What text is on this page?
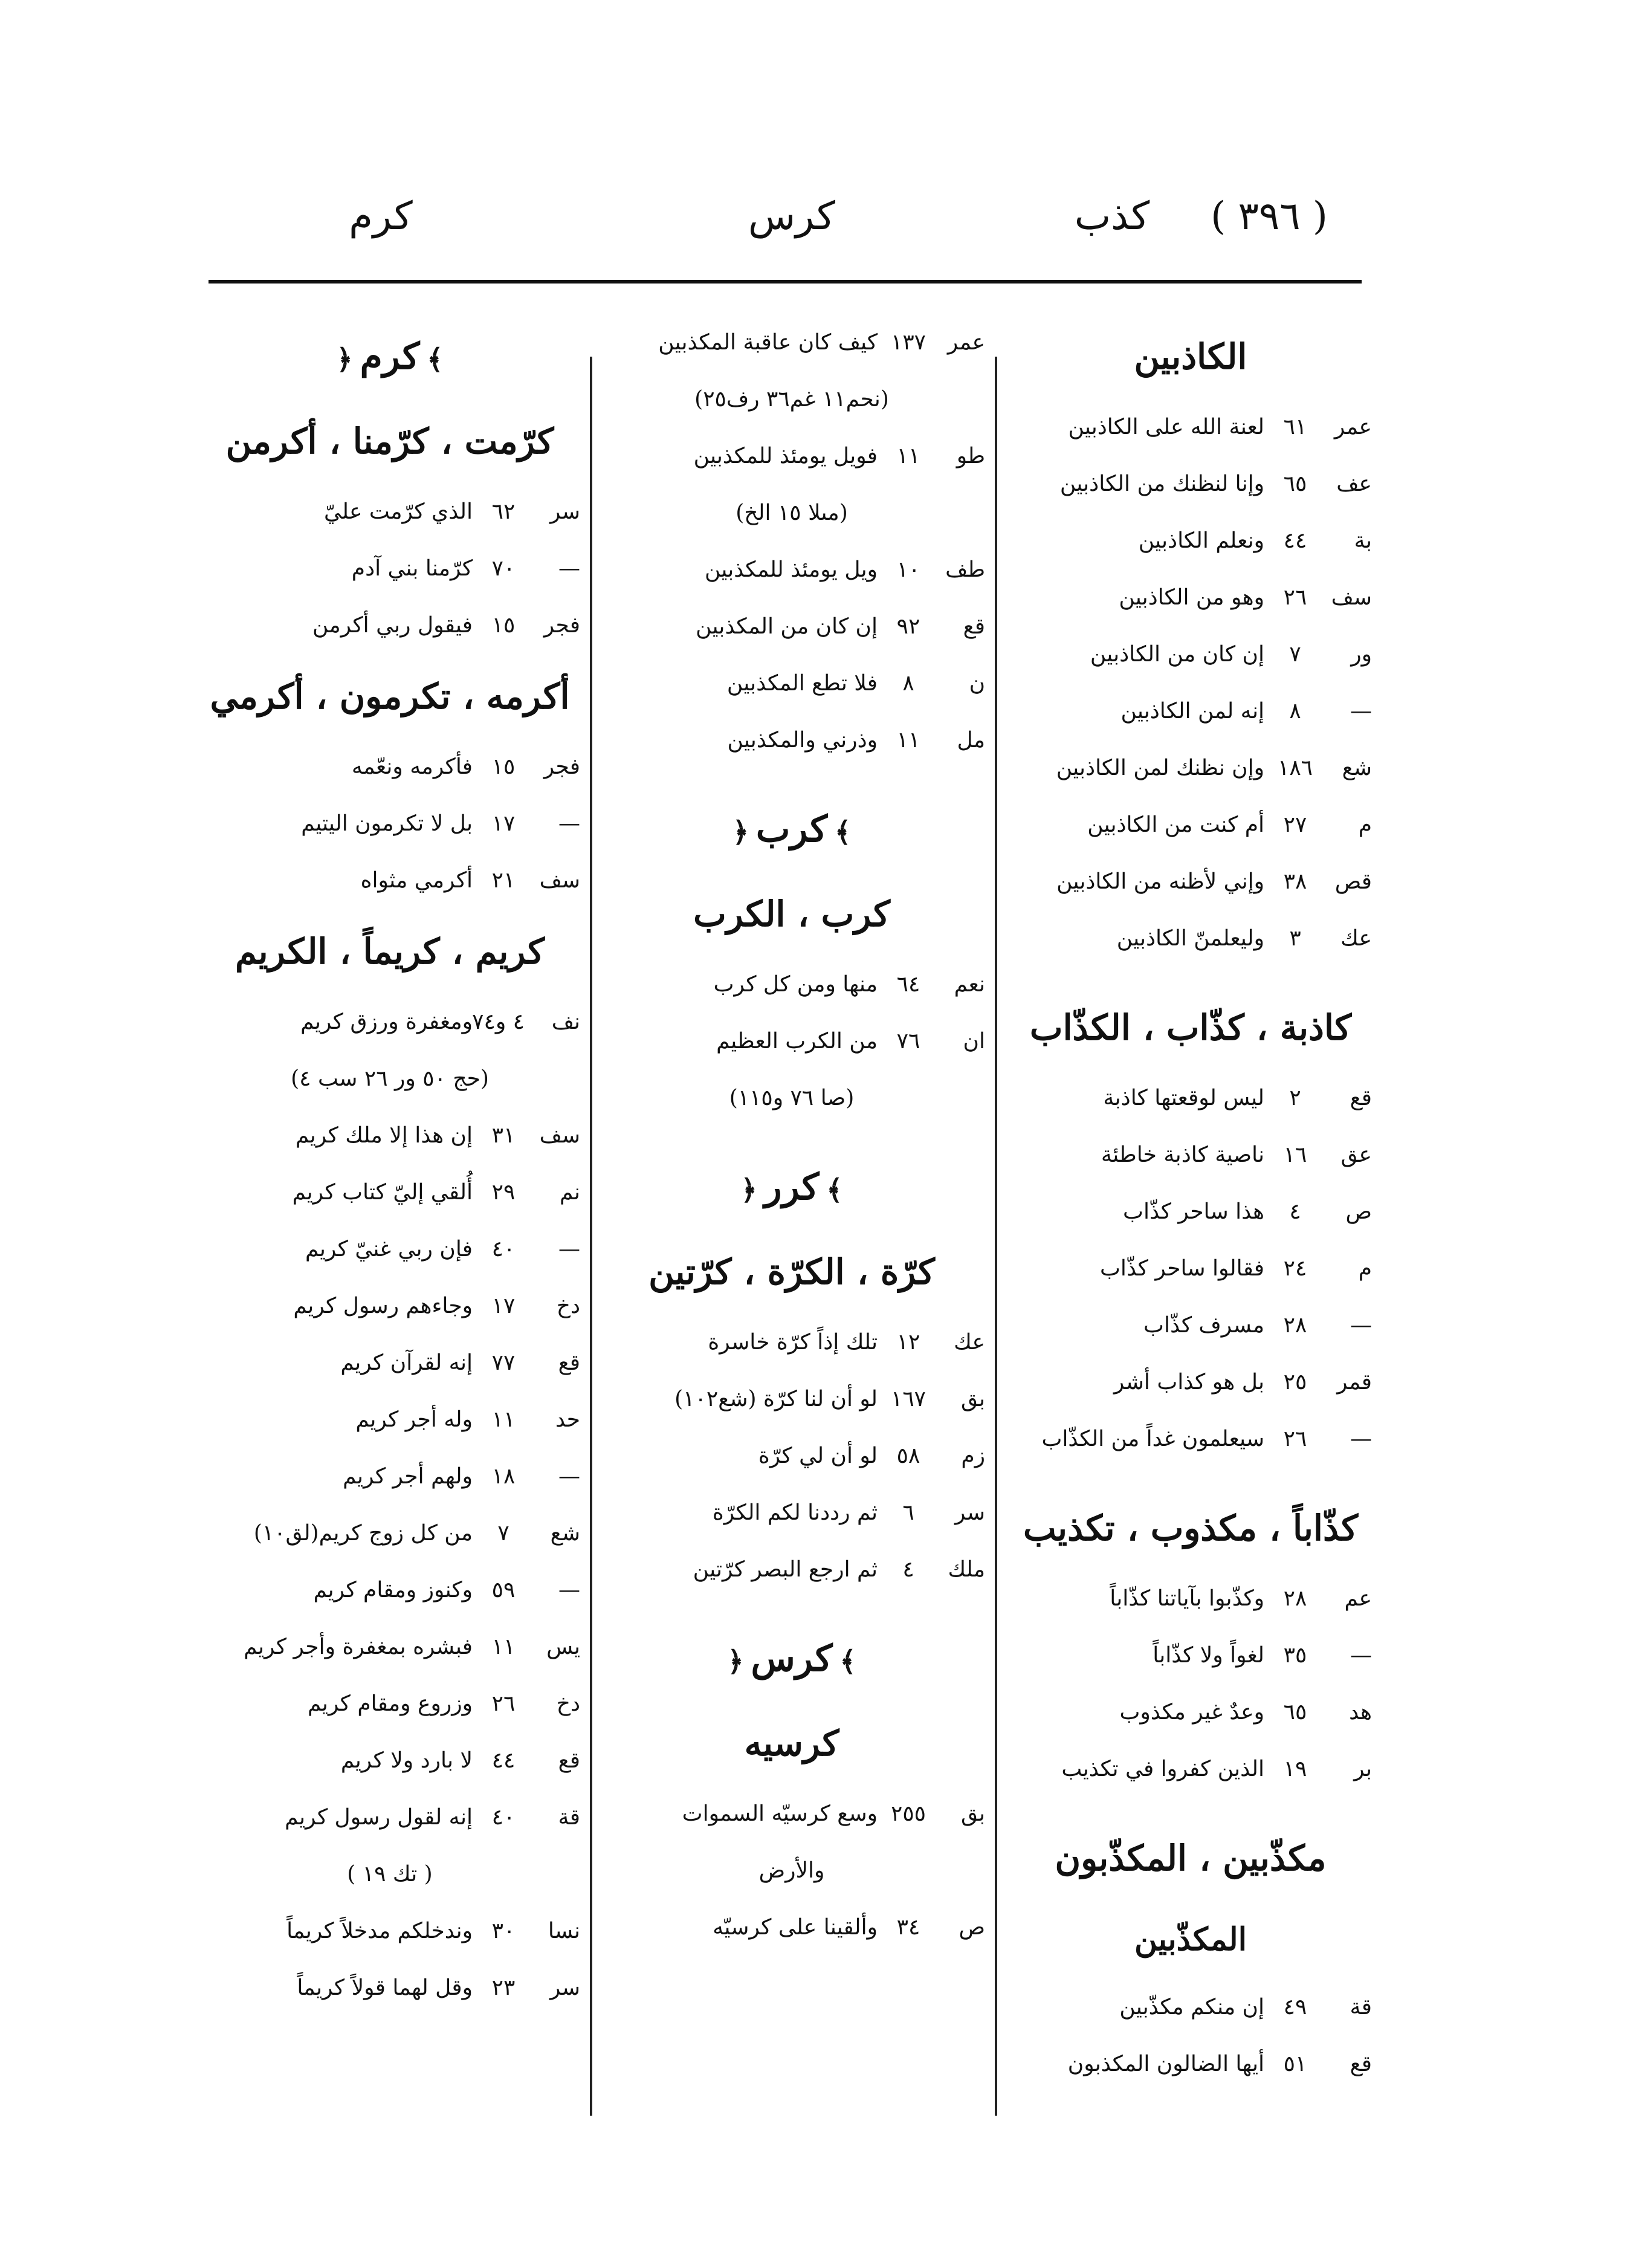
( ٣٩٦ )
كذب
كرس
كرم
الكاذبين
عمر
٦١
لعنة الله على الكاذبين
عف
٦٥
وإنا لنظنك من الكاذبين
بة
٤٤
ونعلم الكاذبين
سف
٢٦
وهو من الكاذبين
ور
٧
إن كان من الكاذبين
—
٨
إنه لمن الكاذبين
شع
١٨٦
وإن نظنك لمن الكاذبين
م
٢٧
أم كنت من الكاذبين
قص
٣٨
وإني لأظنه من الكاذبين
عك
٣
وليعلمنّ الكاذبين
كاذبة ، كذّاب ، الكذّاب
قع
٢
ليس لوقعتها كاذبة
عق
١٦
ناصية كاذبة خاطئة
ص
٤
هذا ساحر كذّاب
م
٢٤
فقالوا ساحر كذّاب
—
٢٨
مسرف كذّاب
قمر
٢٥
بل هو كذاب أشر
—
٢٦
سيعلمون غداً من الكذّاب
كذّاباً ، مكذوب ، تكذيب
عم
٢٨
وكذّبوا بآياتنا كذّاباً
—
٣٥
لغواً ولا كذّاباً
هد
٦٥
وعدٌ غير مكذوب
بر
١٩
الذين كفروا في تكذيب
مكذّبين ، المكذّبون
المكذّبين
قة
٤٩
إن منكم مكذّبين
قع
٥١
أيها الضالون المكذبون
عمر
١٣٧
كيف كان عاقبة المكذبين
(نحم١١ غم٣٦ رف٢٥)
طو
١١
فويل يومئذ للمكذبين
(مىلا ١٥ الخ)
طف
١٠
ويل يومئذ للمكذبين
قع
٩٢
إن كان من المكذبين
ن
٨
فلا تطع المكذبين
مل
١١
وذرني والمكذبين
﴾كرب﴿
كرب ، الكرب
نعم
٦٤
منها ومن كل كرب
ان
٧٦
من الكرب العظيم
(صا ٧٦ و١١٥)
﴾كرر﴿
كرّة ، الكرّة ، كرّتين
عك
١٢
تلك إذاً كرّة خاسرة
بق
١٦٧
لو أن لنا كرّة (شع١٠٢)
زم
٥٨
لو أن لي كرّة
سر
٦
ثم رددنا لكم الكرّة
ملك
٤
ثم ارجع البصر كرّتين
﴾كرس﴿
كرسيه
بق
٢٥٥
وسع كرسيّه السموات
والأرض
ص
٣٤
وألقينا على كرسيّه
﴾كرم﴿
كرّمت ، كرّمنا ، أكرمن
سر
٦٢
الذي كرّمت عليّ
—
٧٠
كرّمنا بني آدم
فجر
١٥
فيقول ربي أكرمن
أكرمه ، تكرمون ، أكرمي
فجر
١٥
فأكرمه ونعّمه
—
١٧
بل لا تكرمون اليتيم
سف
٢١
أكرمي مثواه
كريم ، كريماً ، الكريم
نف
٤ و٧٤
ومغفرة ورزق كريم
(حج ٥٠ ور ٢٦ سب ٤)
سف
٣١
إن هذا إلا ملك كريم
نم
٢٩
أُلقي إليّ كتاب كريم
—
٤٠
فإن ربي غنيّ كريم
دخ
١٧
وجاءهم رسول كريم
قع
٧٧
إنه لقرآن كريم
حد
١١
وله أجر كريم
—
١٨
ولهم أجر كريم
شع
٧
من كل زوج كريم(لق١٠)
—
٥٩
وكنوز ومقام كريم
يس
١١
فبشره بمغفرة وأجر كريم
دخ
٢٦
وزروع ومقام كريم
قع
٤٤
لا بارد ولا كريم
قة
٤٠
إنه لقول رسول كريم
( تك ١٩ )
نسا
٣٠
وندخلكم مدخلاً كريماً
سر
٢٣
وقل لهما قولاً كريماً
